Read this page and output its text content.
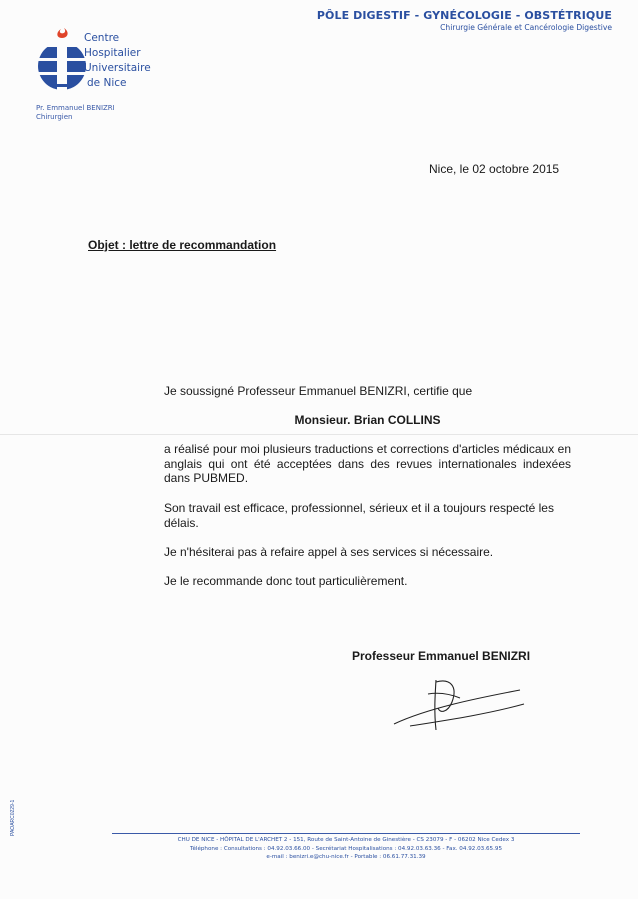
Centre
Hospitalier
Universitaire
de Nice
Pr. Emmanuel BENIZRI
Chirurgien
PÔLE DIGESTIF - GYNÉCOLOGIE - OBSTÉTRIQUE
Chirurgie Générale et Cancérologie Digestive
Nice, le 02 octobre 2015
Objet : lettre de recommandation
Je soussigné Professeur Emmanuel BENIZRI, certifie que
Monsieur. Brian COLLINS
a réalisé pour moi plusieurs traductions et corrections d'articles médicaux en anglais qui ont été acceptées dans des revues internationales indexées dans PUBMED.
Son travail est efficace, professionnel, sérieux et il a toujours respecté les délais.
Je n'hésiterai pas à refaire appel à ses services si nécessaire.
Je le recommande donc tout particulièrement.
Professeur Emmanuel BENIZRI
PAOARC0229-1
CHU DE NICE - HÔPITAL DE L'ARCHET 2 - 151, Route de Saint-Antoine de Ginestière - CS 23079 - F - 06202 Nice Cedex 3
Téléphone : Consultations : 04.92.03.66.00 - Secrétariat Hospitalisations : 04.92.03.63.36 - Fax. 04.92.03.65.95
e-mail : benizri.e@chu-nice.fr - Portable : 06.61.77.31.39
